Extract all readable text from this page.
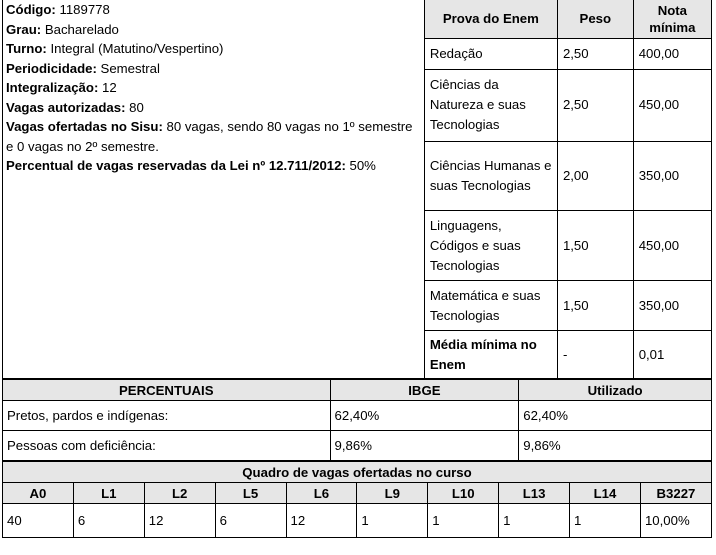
Código: 1189778
Grau: Bacharelado
Turno: Integral (Matutino/Vespertino)
Periodicidade: Semestral
Integralização: 12
Vagas autorizadas: 80
Vagas ofertadas no Sisu: 80 vagas, sendo 80 vagas no 1º semestre e 0 vagas no 2º semestre.
Percentual de vagas reservadas da Lei nº 12.711/2012: 50%
Prova do Enem	Peso	Nota mínima
Redação	2,50	400,00
Ciências da Natureza e suas Tecnologias	2,50	450,00
Ciências Humanas e suas Tecnologias	2,00	350,00
Linguagens, Códigos e suas Tecnologias	1,50	450,00
Matemática e suas Tecnologias	1,50	350,00
Média mínima no Enem	-	0,01
PERCENTUAIS	IBGE	Utilizado
Pretos, pardos e indígenas:	62,40%	62,40%
Pessoas com deficiência:	9,86%	9,86%
Quadro de vagas ofertadas no curso									
A0	L1	L2	L5	L6	L9	L10	L13	L14	B3227
40	6	12	6	12	1	1	1	1	10,00%
